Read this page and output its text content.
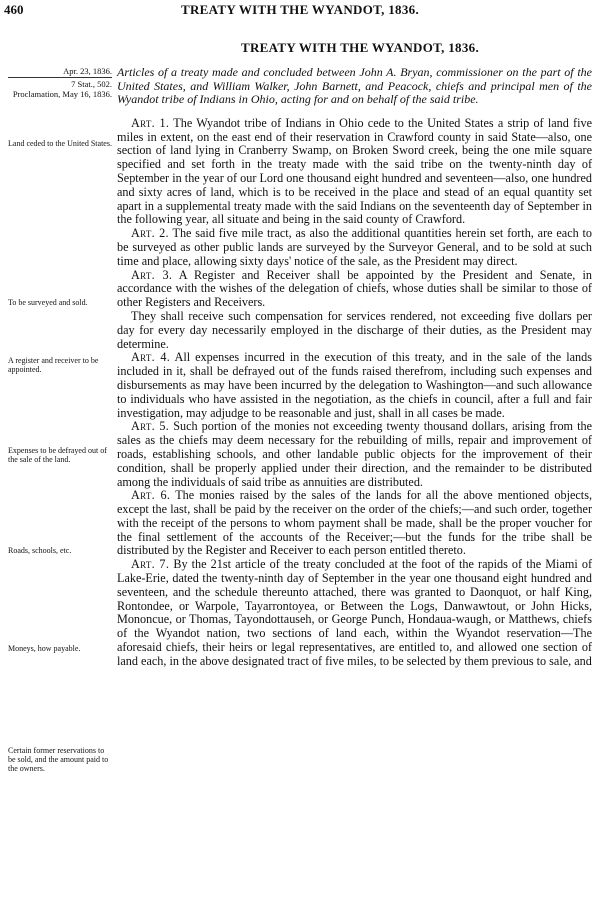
460	TREATY WITH THE WYANDOT, 1836.
TREATY WITH THE WYANDOT, 1836.
Apr. 23, 1836.
7 Stat., 502.
Proclamation, May 16, 1836.
Land ceded to the United States.
To be surveyed and sold.
A register and receiver to be appointed.
Expenses to be defrayed out of the sale of the land.
Roads, schools, etc.
Moneys, how payable.
Certain former reservations to be sold, and the amount paid to the owners.

Articles of a treaty made and concluded between John A. Bryan, commissioner on the part of the United States, and William Walker, John Barnett, and Peacock, chiefs and principal men of the Wyandot tribe of Indians in Ohio, acting for and on behalf of the said tribe.

Art. 1. The Wyandot tribe of Indians in Ohio cede to the United States a strip of land five miles in extent, on the east end of their reservation in Crawford county in said State—also, one section of land lying in Cranberry Swamp, on Broken Sword creek, being the one mile square specified and set forth in the treaty made with the said tribe on the twenty-ninth day of September in the year of our Lord one thousand eight hundred and seventeen—also, one hundred and sixty acres of land, which is to be received in the place and stead of an equal quantity set apart in a supplemental treaty made with the said Indians on the seventeenth day of September in the following year, all situate and being in the said county of Crawford.

Art. 2. The said five mile tract, as also the additional quantities herein set forth, are each to be surveyed as other public lands are surveyed by the Surveyor General, and to be sold at such time and place, allowing sixty days' notice of the sale, as the President may direct.

Art. 3. A Register and Receiver shall be appointed by the President and Senate, in accordance with the wishes of the delegation of chiefs, whose duties shall be similar to those of other Registers and Receivers.

They shall receive such compensation for services rendered, not exceeding five dollars per day for every day necessarily employed in the discharge of their duties, as the President may determine.

Art. 4. All expenses incurred in the execution of this treaty, and in the sale of the lands included in it, shall be defrayed out of the funds raised therefrom, including such expenses and disbursements as may have been incurred by the delegation to Washington—and such allowance to individuals who have assisted in the negotiation, as the chiefs in council, after a full and fair investigation, may adjudge to be reasonable and just, shall in all cases be made.

Art. 5. Such portion of the monies not exceeding twenty thousand dollars, arising from the sales as the chiefs may deem necessary for the rebuilding of mills, repair and improvement of roads, establishing schools, and other landable public objects for the improvement of their condition, shall be properly applied under their direction, and the remainder to be distributed among the individuals of said tribe as annuities are distributed.

Art. 6. The monies raised by the sales of the lands for all the above mentioned objects, except the last, shall be paid by the receiver on the order of the chiefs;—and such order, together with the receipt of the persons to whom payment shall be made, shall be the proper voucher for the final settlement of the accounts of the Receiver;—but the funds for the tribe shall be distributed by the Register and Receiver to each person entitled thereto.

Art. 7. By the 21st article of the treaty concluded at the foot of the rapids of the Miami of Lake-Erie, dated the twenty-ninth day of September in the year one thousand eight hundred and seventeen, and the schedule thereunto attached, there was granted to Daonquot, or half King, Rontondee, or Warpole, Tayarrontoyea, or Between the Logs, Danwawtout, or John Hicks, Mononcue, or Thomas, Tayondottauseh, or George Punch, Hondaua-waugh, or Matthews, chiefs of the Wyandot nation, two sections of land each, within the Wyandot reservation—The aforesaid chiefs, their heirs or legal representatives, are entitled to, and allowed one section of land each, in the above designated tract of five miles, to be selected by them previous to sale, and
